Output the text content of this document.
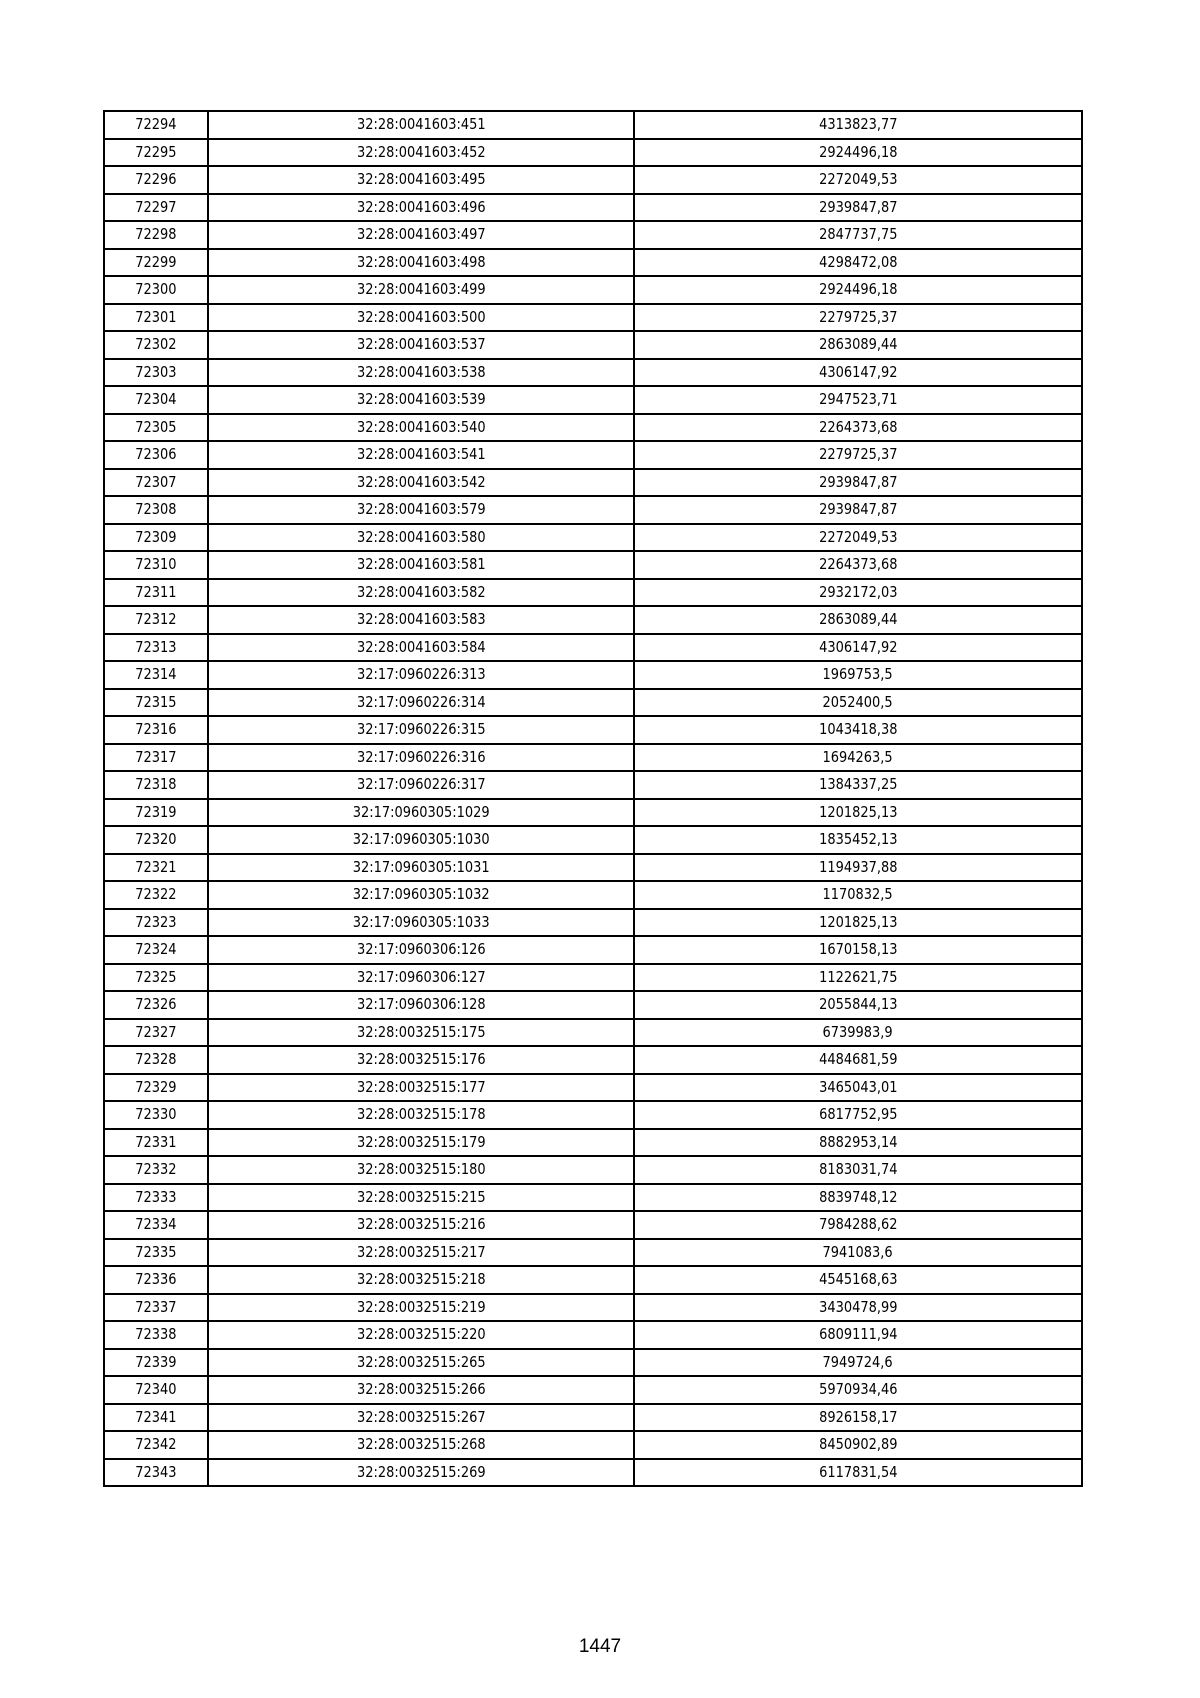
72294	32:28:0041603:451	4313823,77
72295	32:28:0041603:452	2924496,18
72296	32:28:0041603:495	2272049,53
72297	32:28:0041603:496	2939847,87
72298	32:28:0041603:497	2847737,75
72299	32:28:0041603:498	4298472,08
72300	32:28:0041603:499	2924496,18
72301	32:28:0041603:500	2279725,37
72302	32:28:0041603:537	2863089,44
72303	32:28:0041603:538	4306147,92
72304	32:28:0041603:539	2947523,71
72305	32:28:0041603:540	2264373,68
72306	32:28:0041603:541	2279725,37
72307	32:28:0041603:542	2939847,87
72308	32:28:0041603:579	2939847,87
72309	32:28:0041603:580	2272049,53
72310	32:28:0041603:581	2264373,68
72311	32:28:0041603:582	2932172,03
72312	32:28:0041603:583	2863089,44
72313	32:28:0041603:584	4306147,92
72314	32:17:0960226:313	1969753,5
72315	32:17:0960226:314	2052400,5
72316	32:17:0960226:315	1043418,38
72317	32:17:0960226:316	1694263,5
72318	32:17:0960226:317	1384337,25
72319	32:17:0960305:1029	1201825,13
72320	32:17:0960305:1030	1835452,13
72321	32:17:0960305:1031	1194937,88
72322	32:17:0960305:1032	1170832,5
72323	32:17:0960305:1033	1201825,13
72324	32:17:0960306:126	1670158,13
72325	32:17:0960306:127	1122621,75
72326	32:17:0960306:128	2055844,13
72327	32:28:0032515:175	6739983,9
72328	32:28:0032515:176	4484681,59
72329	32:28:0032515:177	3465043,01
72330	32:28:0032515:178	6817752,95
72331	32:28:0032515:179	8882953,14
72332	32:28:0032515:180	8183031,74
72333	32:28:0032515:215	8839748,12
72334	32:28:0032515:216	7984288,62
72335	32:28:0032515:217	7941083,6
72336	32:28:0032515:218	4545168,63
72337	32:28:0032515:219	3430478,99
72338	32:28:0032515:220	6809111,94
72339	32:28:0032515:265	7949724,6
72340	32:28:0032515:266	5970934,46
72341	32:28:0032515:267	8926158,17
72342	32:28:0032515:268	8450902,89
72343	32:28:0032515:269	6117831,54
1447
